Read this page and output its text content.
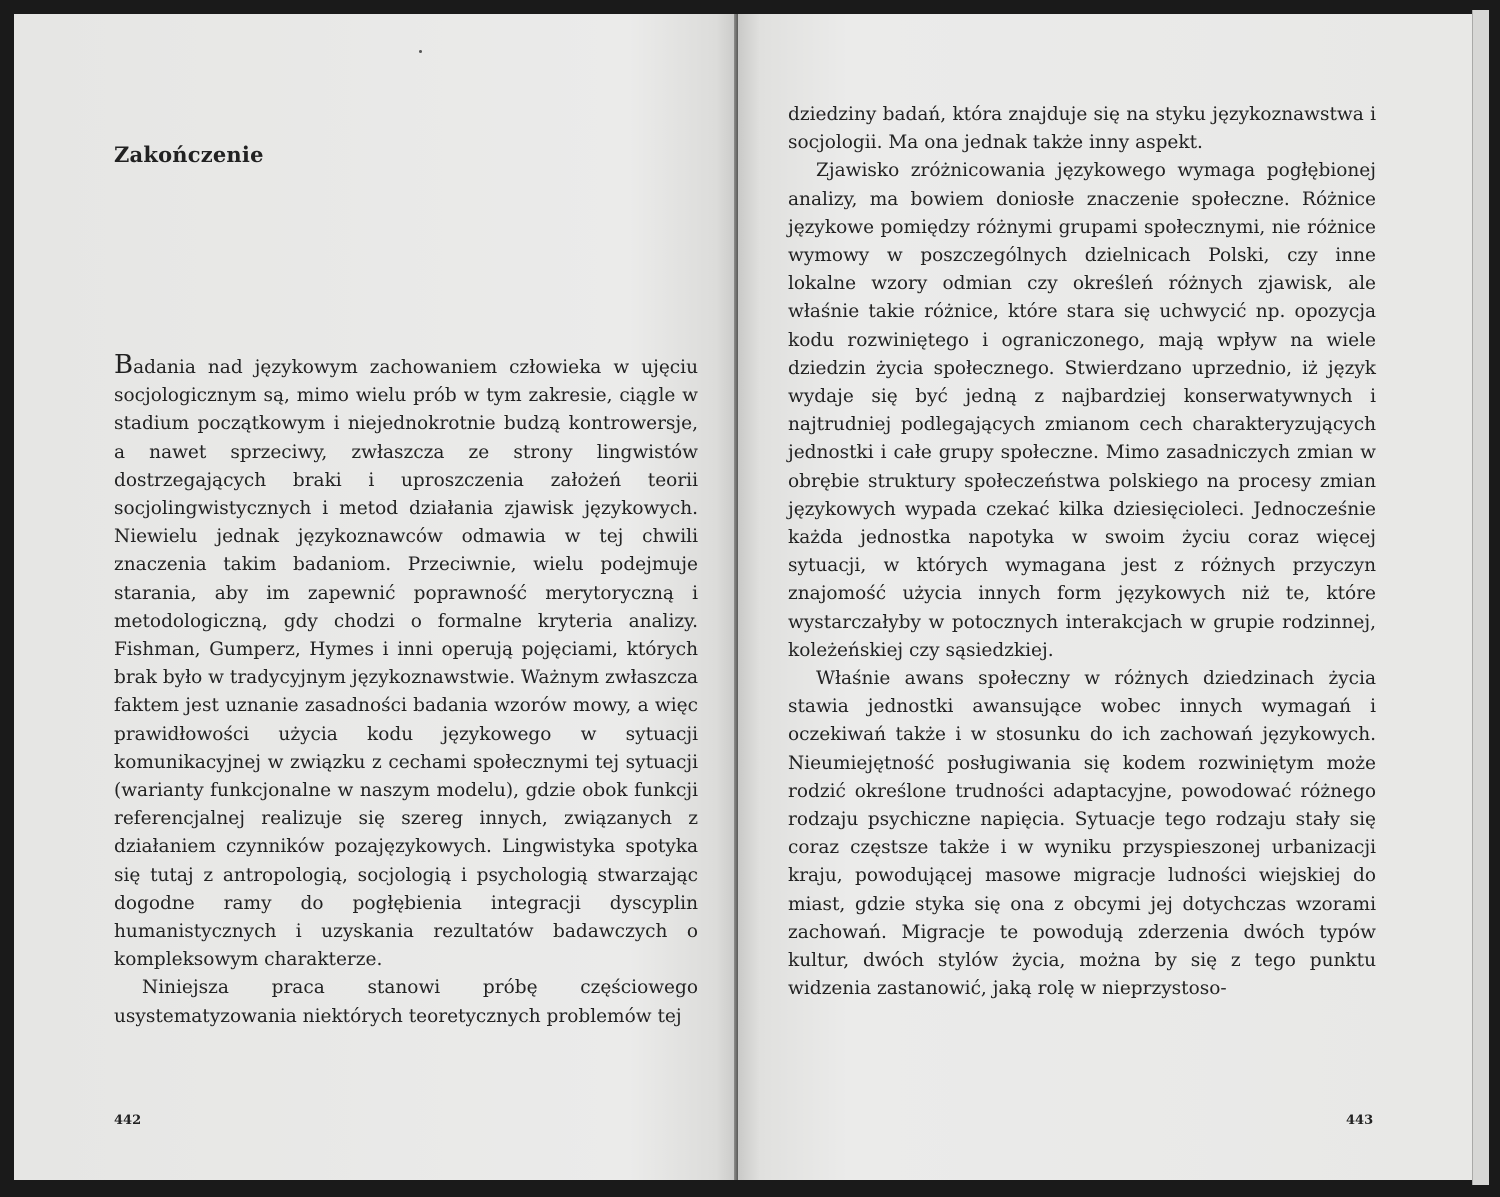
Zakończenie

Badania nad językowym zachowaniem człowieka w ujęciu socjologicznym są, mimo wielu prób w tym zakresie, ciągle w stadium początkowym i niejednokrotnie budzą kontrowersje, a nawet sprzeciwy, zwłaszcza ze strony lingwistów dostrzegających braki i uproszczenia założeń teorii socjolingwistycznych i metod działania zjawisk językowych. Niewielu jednak językoznawców odmawia w tej chwili znaczenia takim badaniom. Przeciwnie, wielu podejmuje starania, aby im zapewnić poprawność merytoryczną i metodologiczną, gdy chodzi o formalne kryteria analizy. Fishman, Gumperz, Hymes i inni operują pojęciami, których brak było w tradycyjnym językoznawstwie. Ważnym zwłaszcza faktem jest uznanie zasadności badania wzorów mowy, a więc prawidłowości użycia kodu językowego w sytuacji komunikacyjnej w związku z cechami społecznymi tej sytuacji (warianty funkcjonalne w naszym modelu), gdzie obok funkcji referencjalnej realizuje się szereg innych, związanych z działaniem czynników pozajęzykowych. Lingwistyka spotyka się tutaj z antropologią, socjologią i psychologią stwarzając dogodne ramy do pogłębienia integracji dyscyplin humanistycznych i uzyskania rezultatów badawczych o kompleksowym charakterze.

Niniejsza praca stanowi próbę częściowego usystematyzowania niektórych teoretycznych problemów tej

442

dziedziny badań, która znajduje się na styku językoznawstwa i socjologii. Ma ona jednak także inny aspekt.

Zjawisko zróżnicowania językowego wymaga pogłębionej analizy, ma bowiem doniosłe znaczenie społeczne. Różnice językowe pomiędzy różnymi grupami społecznymi, nie różnice wymowy w poszczególnych dzielnicach Polski, czy inne lokalne wzory odmian czy określeń różnych zjawisk, ale właśnie takie różnice, które stara się uchwycić np. opozycja kodu rozwiniętego i ograniczonego, mają wpływ na wiele dziedzin życia społecznego. Stwierdzano uprzednio, iż język wydaje się być jedną z najbardziej konserwatywnych i najtrudniej podlegających zmianom cech charakteryzujących jednostki i całe grupy społeczne. Mimo zasadniczych zmian w obrębie struktury społeczeństwa polskiego na procesy zmian językowych wypada czekać kilka dziesięcioleci. Jednocześnie każda jednostka napotyka w swoim życiu coraz więcej sytuacji, w których wymagana jest z różnych przyczyn znajomość użycia innych form językowych niż te, które wystarczałyby w potocznych interakcjach w grupie rodzinnej, koleżeńskiej czy sąsiedzkiej.

Właśnie awans społeczny w różnych dziedzinach życia stawia jednostki awansujące wobec innych wymagań i oczekiwań także i w stosunku do ich zachowań językowych. Nieumiejętność posługiwania się kodem rozwiniętym może rodzić określone trudności adaptacyjne, powodować różnego rodzaju psychiczne napięcia. Sytuacje tego rodzaju stały się coraz częstsze także i w wyniku przyspieszonej urbanizacji kraju, powodującej masowe migracje ludności wiejskiej do miast, gdzie styka się ona z obcymi jej dotychczas wzorami zachowań. Migracje te powodują zderzenia dwóch typów kultur, dwóch stylów życia, można by się z tego punktu widzenia zastanowić, jaką rolę w nieprzystoso-

443
